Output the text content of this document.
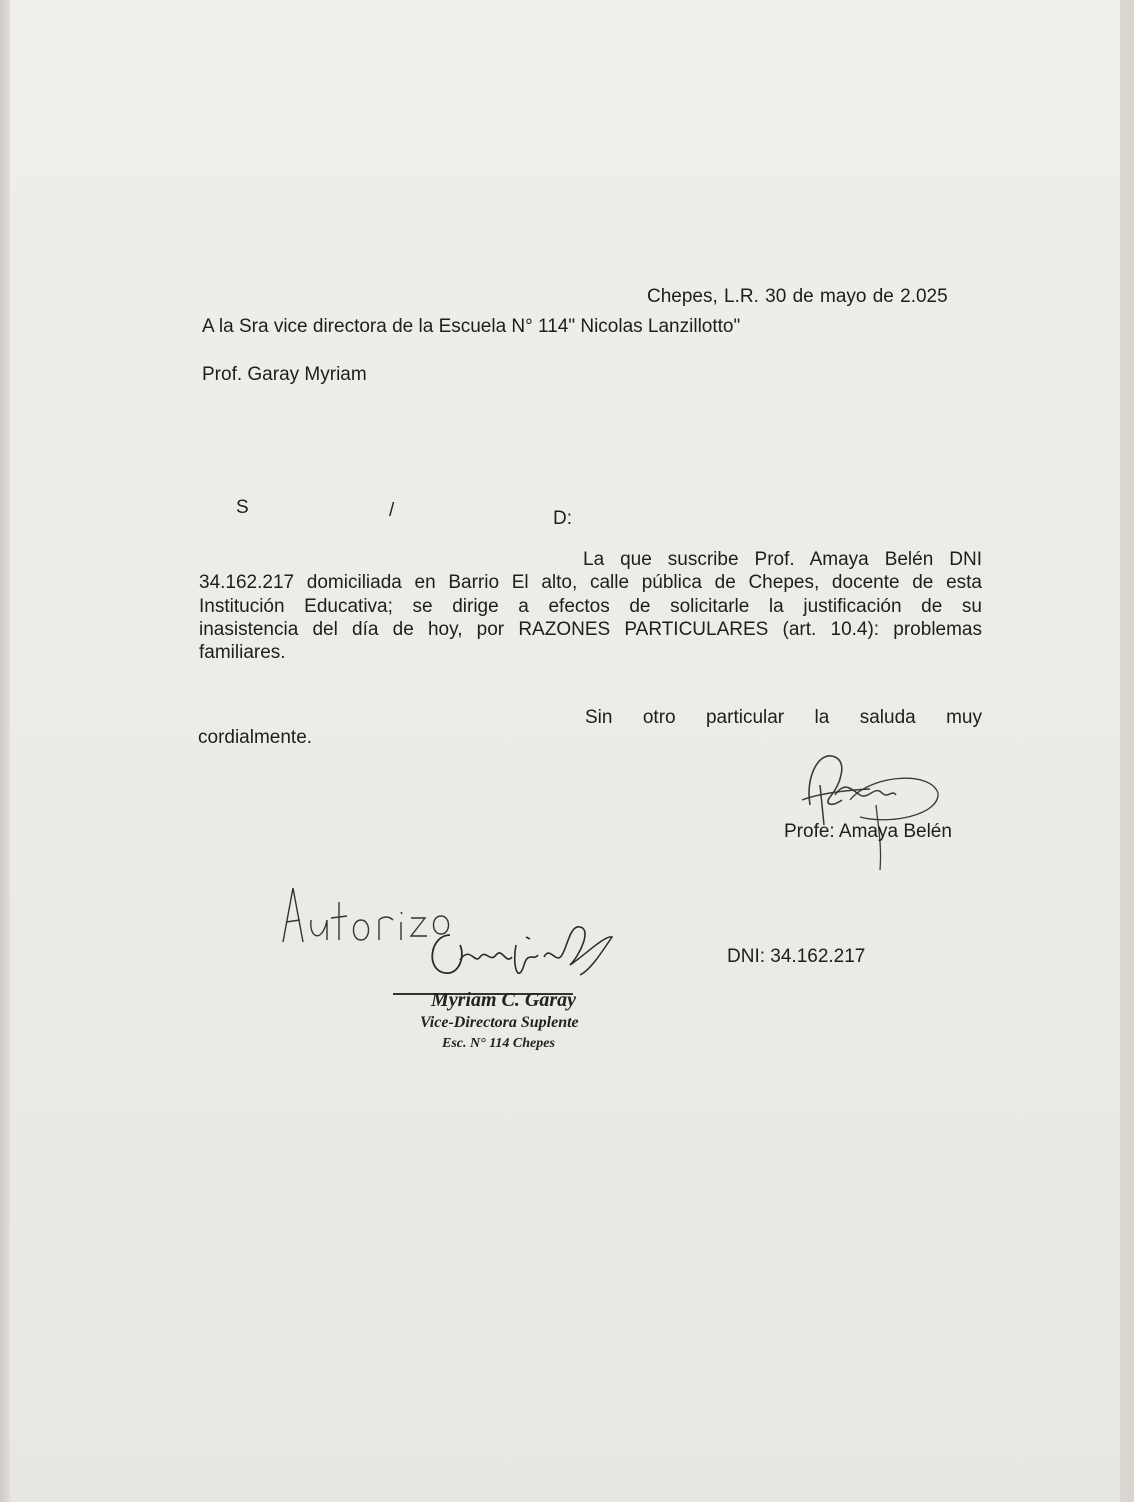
Chepes, L.R. 30 de mayo de 2.025
A la Sra vice directora de la Escuela N° 114" Nicolas Lanzillotto"
Prof. Garay Myriam
S	/	D:
La que suscribe Prof. Amaya Belén DNI
34.162.217 domiciliada en Barrio El alto, calle pública de Chepes, docente de esta
Institución Educativa; se dirige a efectos de solicitarle la justificación de su
inasistencia del día de hoy, por RAZONES PARTICULARES (art. 10.4): problemas
familiares.
Sin otro particular la saluda muy
cordialmente.
Profe: Amaya Belén
DNI: 34.162.217
Myriam C. Garay
Vice-Directora Suplente
Esc. N° 114 Chepes
